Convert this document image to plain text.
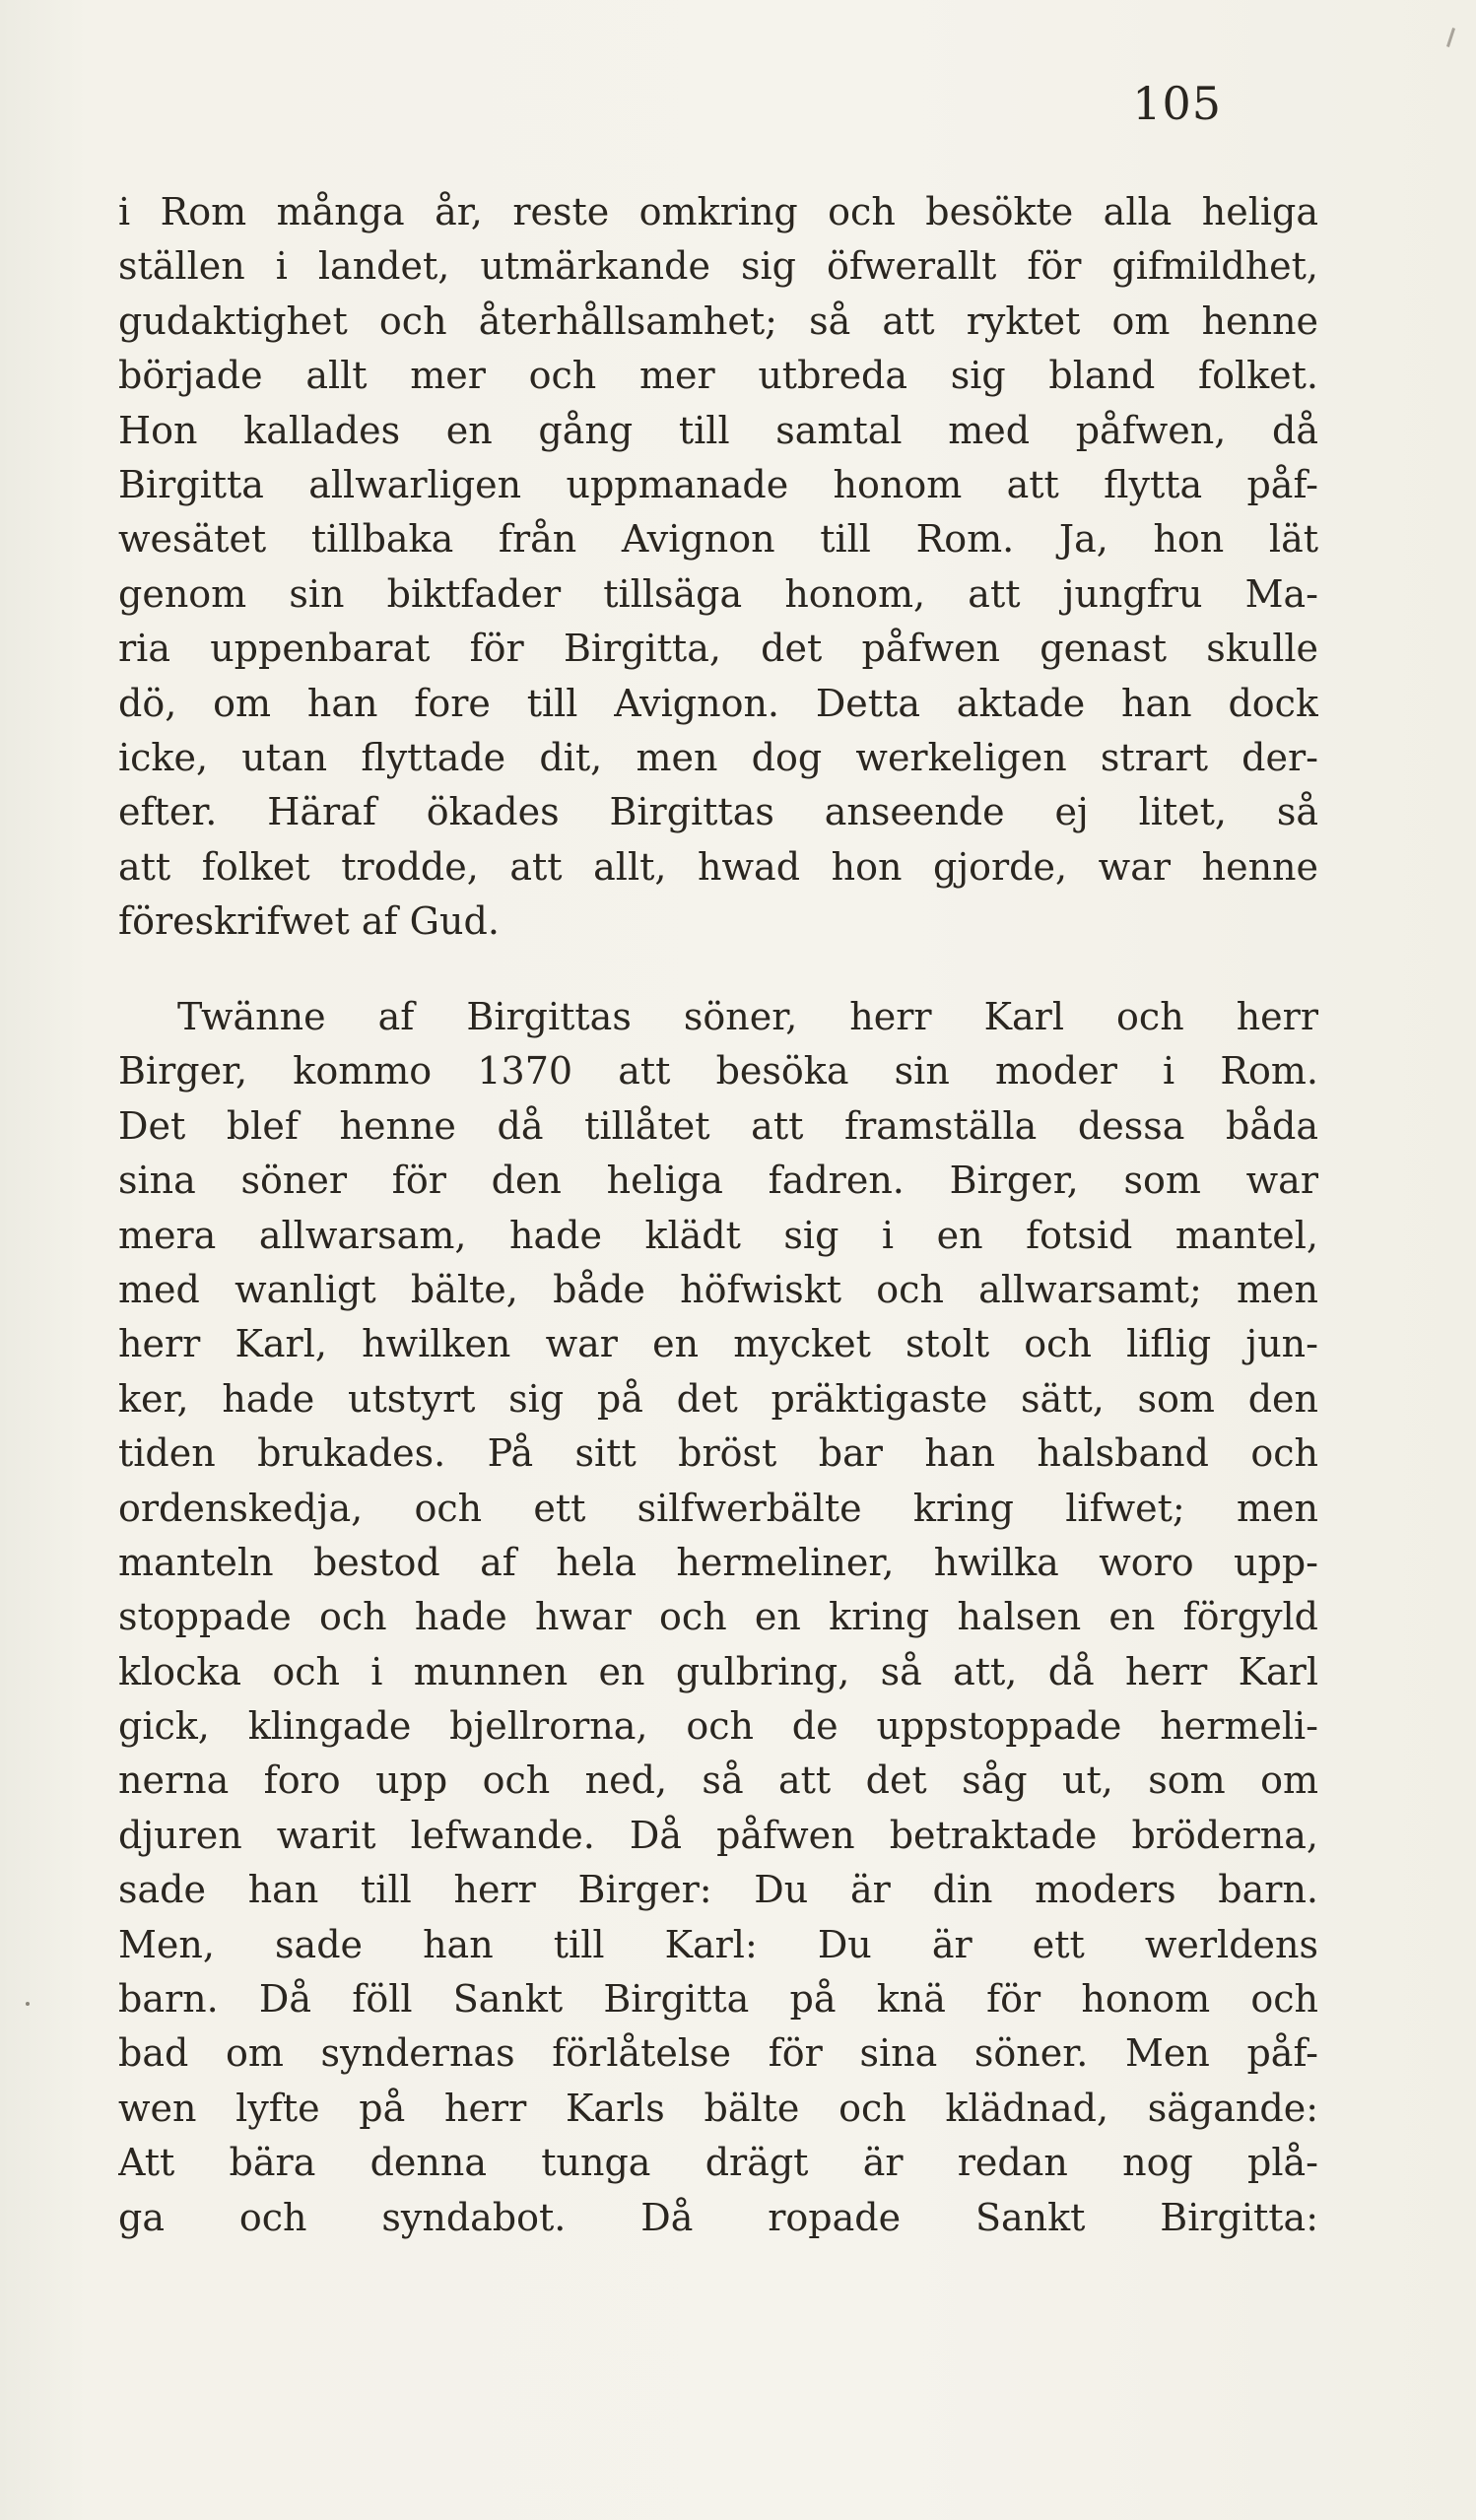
105
i Rom många år, reste omkring och besökte alla heliga
ställen i landet, utmärkande sig öfwerallt för gifmildhet,
gudaktighet och återhållsamhet; så att ryktet om henne
började allt mer och mer utbreda sig bland folket.
Hon kallades en gång till samtal med påfwen, då
Birgitta allwarligen uppmanade honom att flytta påf-
wesätet tillbaka från Avignon till Rom. Ja, hon lät
genom sin biktfader tillsäga honom, att jungfru Ma-
ria uppenbarat för Birgitta, det påfwen genast skulle
dö, om han fore till Avignon. Detta aktade han dock
icke, utan flyttade dit, men dog werkeligen strart der-
efter. Häraf ökades Birgittas anseende ej litet, så
att folket trodde, att allt, hwad hon gjorde, war henne
föreskrifwet af Gud.
Twänne af Birgittas söner, herr Karl och herr
Birger, kommo 1370 att besöka sin moder i Rom.
Det blef henne då tillåtet att framställa dessa båda
sina söner för den heliga fadren. Birger, som war
mera allwarsam, hade klädt sig i en fotsid mantel,
med wanligt bälte, både höfwiskt och allwarsamt; men
herr Karl, hwilken war en mycket stolt och liflig jun-
ker, hade utstyrt sig på det präktigaste sätt, som den
tiden brukades. På sitt bröst bar han halsband och
ordenskedja, och ett silfwerbälte kring lifwet; men
manteln bestod af hela hermeliner, hwilka woro upp-
stoppade och hade hwar och en kring halsen en förgyld
klocka och i munnen en gulbring, så att, då herr Karl
gick, klingade bjellrorna, och de uppstoppade hermeli-
nerna foro upp och ned, så att det såg ut, som om
djuren warit lefwande. Då påfwen betraktade bröderna,
sade han till herr Birger: Du är din moders barn.
Men, sade han till Karl: Du är ett werldens
barn. Då föll Sankt Birgitta på knä för honom och
bad om syndernas förlåtelse för sina söner. Men påf-
wen lyfte på herr Karls bälte och klädnad, sägande:
Att bära denna tunga drägt är redan nog plå-
ga och syndabot. Då ropade Sankt Birgitta:
